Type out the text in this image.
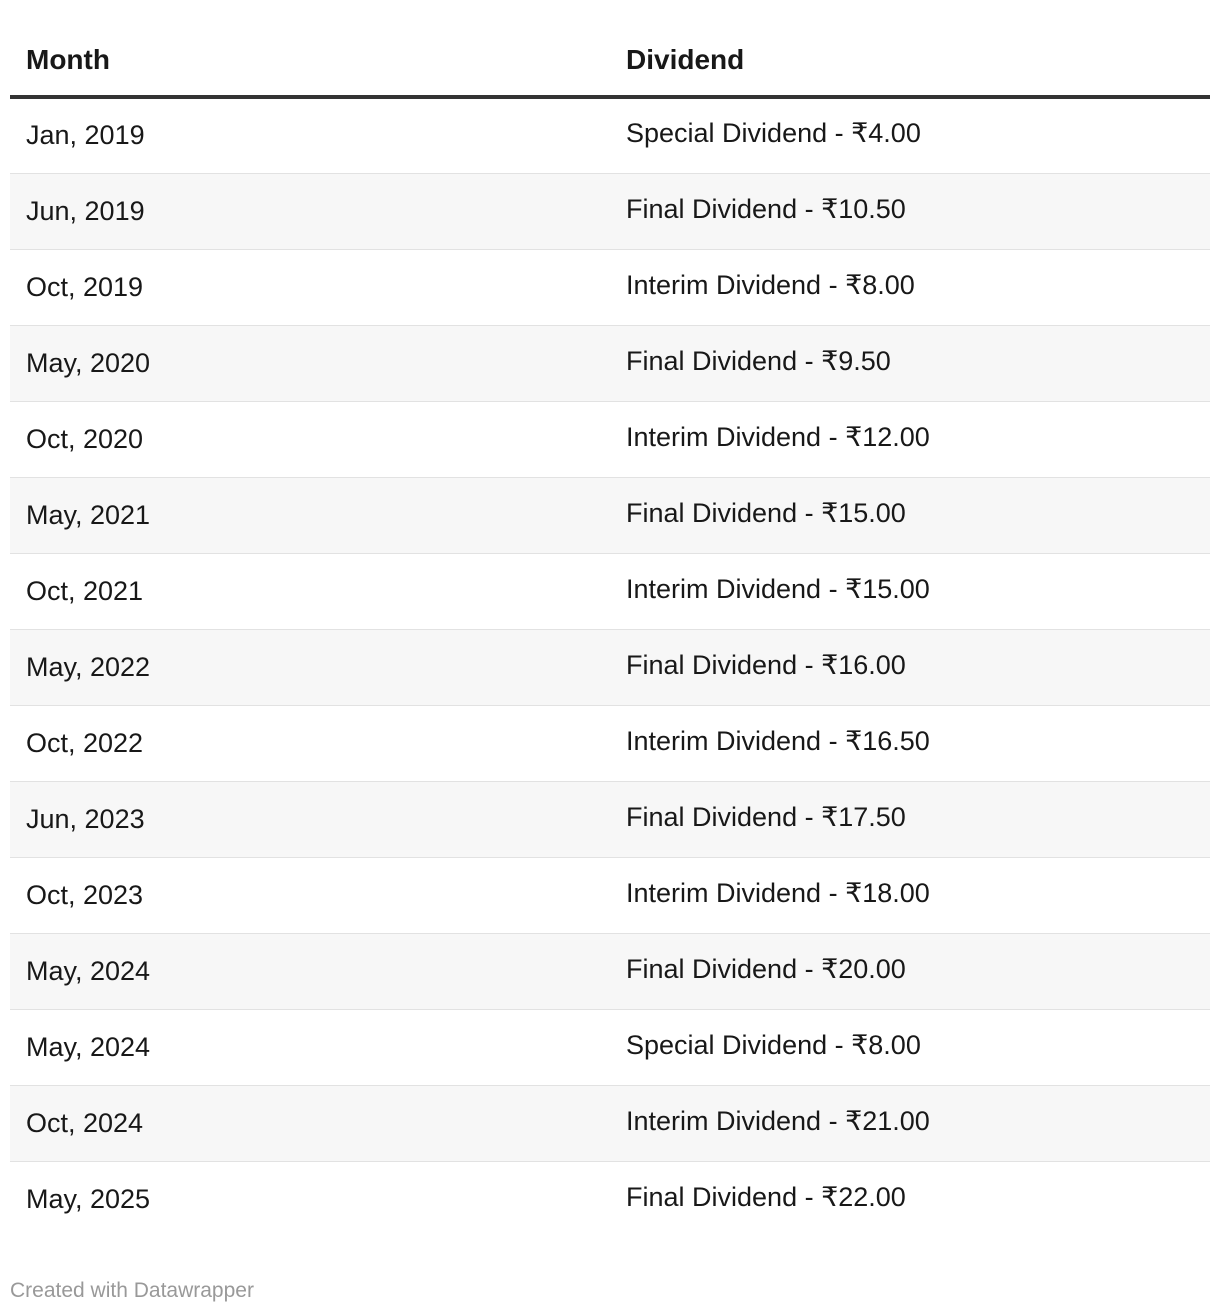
Month	Dividend
Jan, 2019	Special Dividend - ₹4.00
Jun, 2019	Final Dividend - ₹10.50
Oct, 2019	Interim Dividend - ₹8.00
May, 2020	Final Dividend - ₹9.50
Oct, 2020	Interim Dividend - ₹12.00
May, 2021	Final Dividend - ₹15.00
Oct, 2021	Interim Dividend - ₹15.00
May, 2022	Final Dividend - ₹16.00
Oct, 2022	Interim Dividend - ₹16.50
Jun, 2023	Final Dividend - ₹17.50
Oct, 2023	Interim Dividend - ₹18.00
May, 2024	Final Dividend - ₹20.00
May, 2024	Special Dividend - ₹8.00
Oct, 2024	Interim Dividend - ₹21.00
May, 2025	Final Dividend - ₹22.00
Created with Datawrapper
